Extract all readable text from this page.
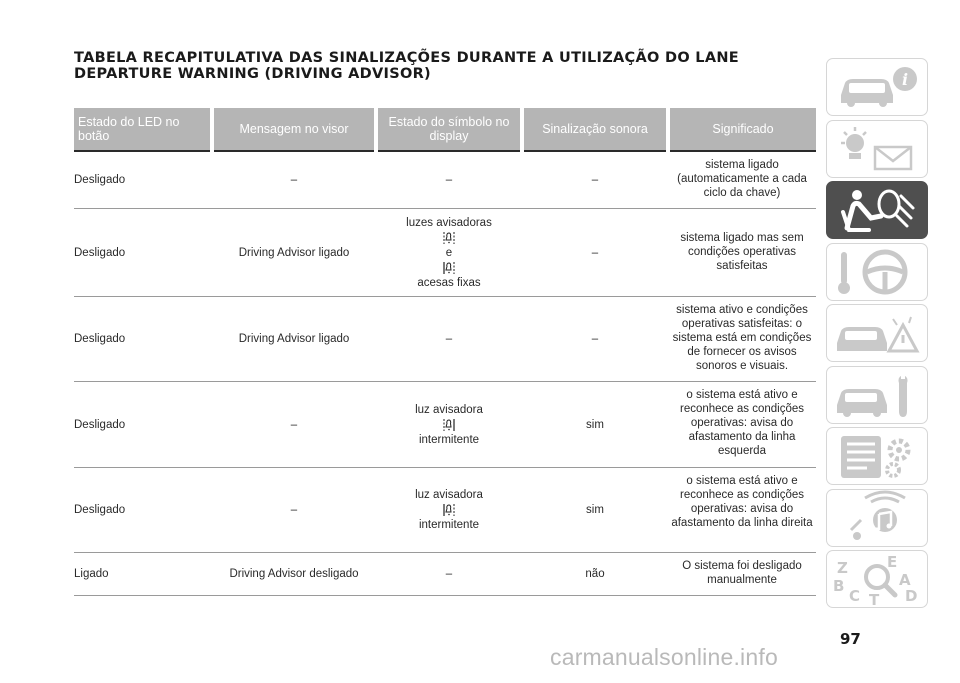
TABELA RECAPITULATIVA DAS SINALIZAÇÕES DURANTE A UTILIZAÇÃO DO LANE DEPARTURE WARNING (DRIVING ADVISOR)
Estado do LED no botão	Mensagem no visor	Estado do símbolo no display	Sinalização sonora	Significado
Desligado	–	–	–	sistema ligado (automaticamente a cada ciclo da chave)
Desligado	Driving Advisor ligado	luzes avisadoras
e
acesas fixas	–	sistema ligado mas sem condições operativas satisfeitas
Desligado	Driving Advisor ligado	–	–	sistema ativo e condições operativas satisfeitas: o sistema está em condições de fornecer os avisos sonoros e visuais.
Desligado	–	luz avisadora
intermitente	sim	o sistema está ativo e reconhece as condições operativas: avisa do afastamento da linha esquerda
Desligado	–	luz avisadora
intermitente	sim	o sistema está ativo e reconhece as condições operativas: avisa do afastamento da linha direita
Ligado	Driving Advisor desligado	–	não	O sistema foi desligado manualmente
i
Z	E
B	A
C T D
97
carmanualsonline.info
